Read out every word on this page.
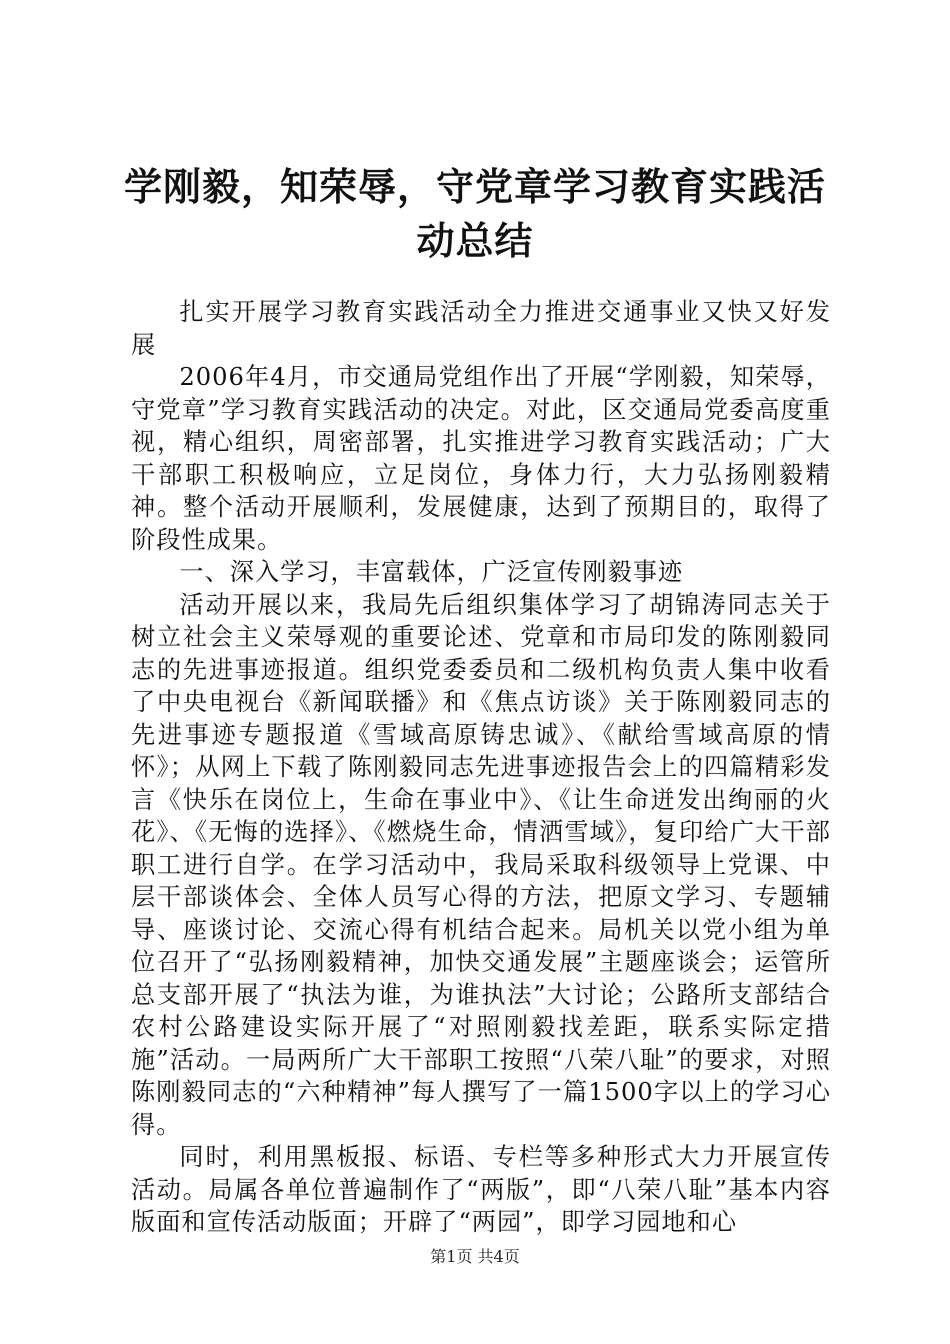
学刚毅，知荣辱，守党章学习教育实践活动总结

扎实开展学习教育实践活动全力推进交通事业又快又好发展

2006年4月，市交通局党组作出了开展“学刚毅，知荣辱，守党章”学习教育实践活动的决定。对此，区交通局党委高度重视，精心组织，周密部署，扎实推进学习教育实践活动；广大干部职工积极响应，立足岗位，身体力行，大力弘扬刚毅精神。整个活动开展顺利，发展健康，达到了预期目的，取得了阶段性成果。

一、深入学习，丰富载体，广泛宣传刚毅事迹

活动开展以来，我局先后组织集体学习了胡锦涛同志关于树立社会主义荣辱观的重要论述、党章和市局印发的陈刚毅同志的先进事迹报道。组织党委委员和二级机构负责人集中收看了中央电视台《新闻联播》和《焦点访谈》关于陈刚毅同志的先进事迹专题报道《雪域高原铸忠诚》、《献给雪域高原的情怀》；从网上下载了陈刚毅同志先进事迹报告会上的四篇精彩发言《快乐在岗位上，生命在事业中》、《让生命迸发出绚丽的火花》、《无悔的选择》、《燃烧生命，情洒雪域》，复印给广大干部职工进行自学。在学习活动中，我局采取科级领导上党课、中层干部谈体会、全体人员写心得的方法，把原文学习、专题辅导、座谈讨论、交流心得有机结合起来。局机关以党小组为单位召开了“弘扬刚毅精神，加快交通发展”主题座谈会；运管所总支部开展了“执法为谁，为谁执法”大讨论；公路所支部结合农村公路建设实际开展了“对照刚毅找差距，联系实际定措施”活动。一局两所广大干部职工按照“八荣八耻”的要求，对照陈刚毅同志的“六种精神”每人撰写了一篇1500字以上的学习心得。

同时，利用黑板报、标语、专栏等多种形式大力开展宣传活动。局属各单位普遍制作了“两版”，即“八荣八耻”基本内容版面和宣传活动版面；开辟了“两园”，即学习园地和心

第1页 共4页
